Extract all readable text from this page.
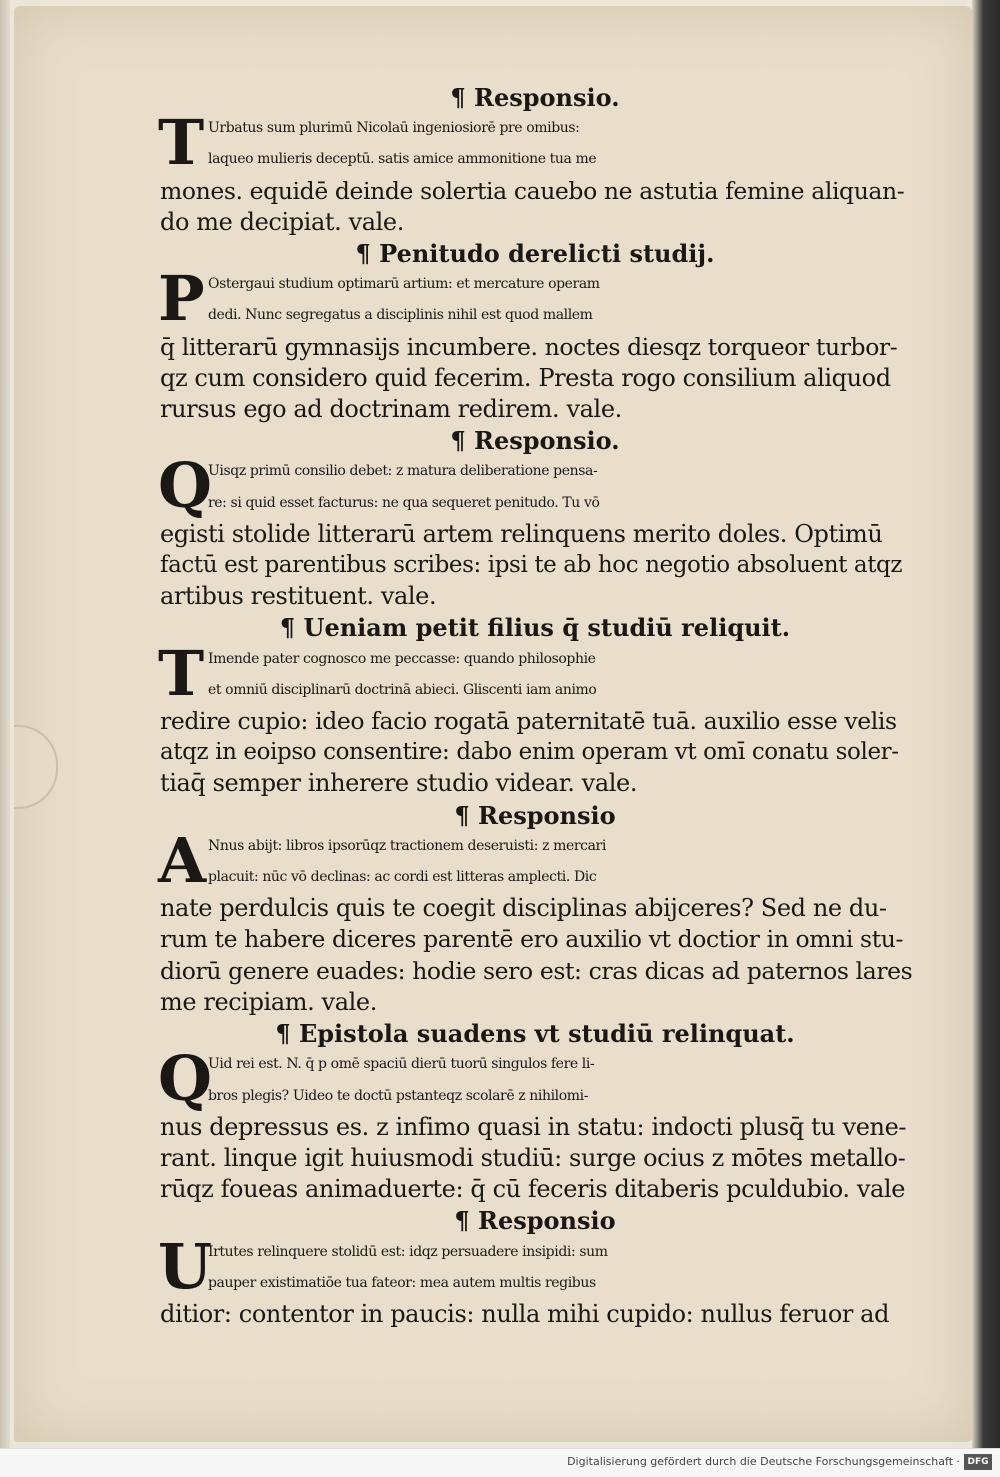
¶ Responsio.
T Urbatus sum plurimū Nicolaū ingeniosiorē pre omibus:
laqueo mulieris deceptū. satis amice ammonitione tua me
mones. equidē deinde solertia cauebo ne astutia femine aliquan-
do me decipiat. vale.
¶ Penitudo derelicti studij.
P Ostergaui studium optimarū artium: et mercature operam
dedi. Nunc segregatus a disciplinis nihil est quod mallem
q̄ litterarū gymnasijs incumbere. noctes diesqz torqueor turbor-
qz cum considero quid fecerim. Presta rogo consilium aliquod
rursus ego ad doctrinam redirem. vale.
¶ Responsio.
Q
Uisqz primū consilio debet: z matura deliberatione pensa-
re: si quid esset facturus: ne qua sequeret penitudo. Tu vō
egisti stolide litterarū artem relinquens merito doles. Optimū
factū est parentibus scribes: ipsi te ab hoc negotio absoluent atqz
artibus restituent. vale.
¶ Ueniam petit filius q̄ studiū reliquit.
T Imende pater cognosco me peccasse: quando philosophie
et omniū disciplinarū doctrinā abieci. Gliscenti iam animo
redire cupio: ideo facio rogatā paternitatē tuā. auxilio esse velis
atqz in eoipso consentire: dabo enim operam vt omī conatu soler-
tiaq̄ semper inherere studio videar. vale.
¶ Responsio
A Nnus abijt: libros ipsorūqz tractionem deseruisti: z mercari
placuit: nūc vō declinas: ac cordi est litteras amplecti. Dic
nate perdulcis quis te coegit disciplinas abijceres? Sed ne du-
rum te habere diceres parentē ero auxilio vt doctior in omni stu-
diorū genere euades: hodie sero est: cras dicas ad paternos lares
me recipiam. vale.
¶ Epistola suadens vt studiū relinquat.
Q
Uid rei est. N. q̄ p omē spaciū dierū tuorū singulos fere li-
bros plegis? Uideo te doctū pstanteqz scolarē z nihilomi-
nus depressus es. z infimo quasi in statu: indocti plusq̄ tu vene-
rant. linque igit huiusmodi studiū: surge ocius z mōtes metallo-
rūqz foueas animaduerte: q̄ cū feceris ditaberis pculdubio. vale
¶ Responsio
U
Irtutes relinquere stolidū est: idqz persuadere insipidi: sum
pauper existimatiōe tua fateor: mea autem multis regibus
ditior: contentor in paucis: nulla mihi cupido: nullus feruor ad
Digitalisierung gefördert durch die Deutsche Forschungsgemeinschaft · DFG
